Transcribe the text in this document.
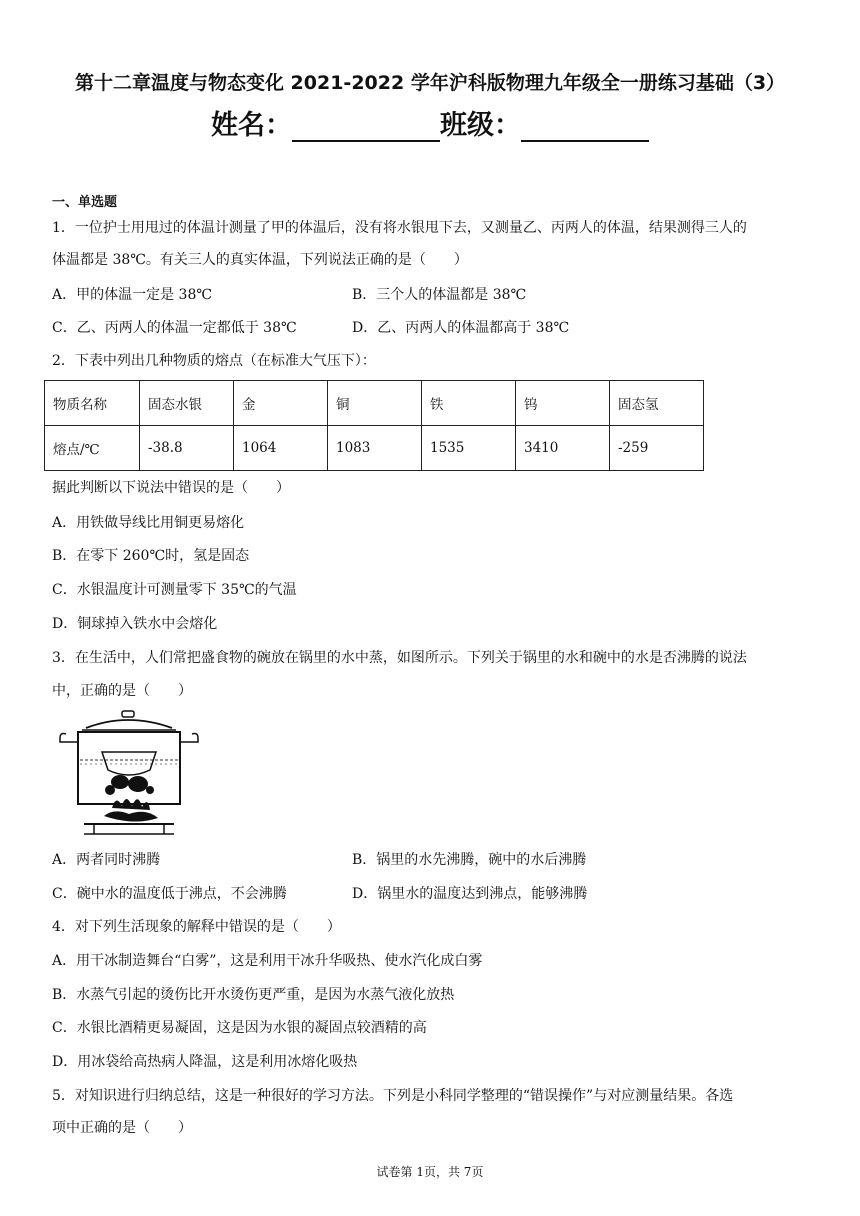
第十二章温度与物态变化 2021-2022 学年沪科版物理九年级全一册练习基础（3）
姓名：	班级：
一、单选题
1．一位护士用甩过的体温计测量了甲的体温后，没有将水银甩下去，又测量乙、丙两人的体温，结果测得三人的
体温都是 38℃。有关三人的真实体温，下列说法正确的是（　　）
A．甲的体温一定是 38℃	B．三个人的体温都是 38℃
C．乙、丙两人的体温一定都低于 38℃	D．乙、丙两人的体温都高于 38℃
2．下表中列出几种物质的熔点（在标准大气压下）：
物质名称	固态水银	金	铜	铁	钨	固态氢
熔点/℃	-38.8	1064	1083	1535	3410	-259
据此判断以下说法中错误的是（　　）
A．用铁做导线比用铜更易熔化
B．在零下 260℃时，氢是固态
C．水银温度计可测量零下 35℃的气温
D．铜球掉入铁水中会熔化
3．在生活中，人们常把盛食物的碗放在锅里的水中蒸，如图所示。下列关于锅里的水和碗中的水是否沸腾的说法
中，正确的是（　　）
A．两者同时沸腾	B．锅里的水先沸腾，碗中的水后沸腾
C．碗中水的温度低于沸点，不会沸腾	D．锅里水的温度达到沸点，能够沸腾
4．对下列生活现象的解释中错误的是（　　）
A．用干冰制造舞台“白雾”，这是利用干冰升华吸热、使水汽化成白雾
B．水蒸气引起的烫伤比开水烫伤更严重，是因为水蒸气液化放热
C．水银比酒精更易凝固，这是因为水银的凝固点较酒精的高
D．用冰袋给高热病人降温，这是利用冰熔化吸热
5．对知识进行归纳总结，这是一种很好的学习方法。下列是小科同学整理的“错误操作”与对应测量结果。各选
项中正确的是（　　）
试卷第 1页，共 7页
